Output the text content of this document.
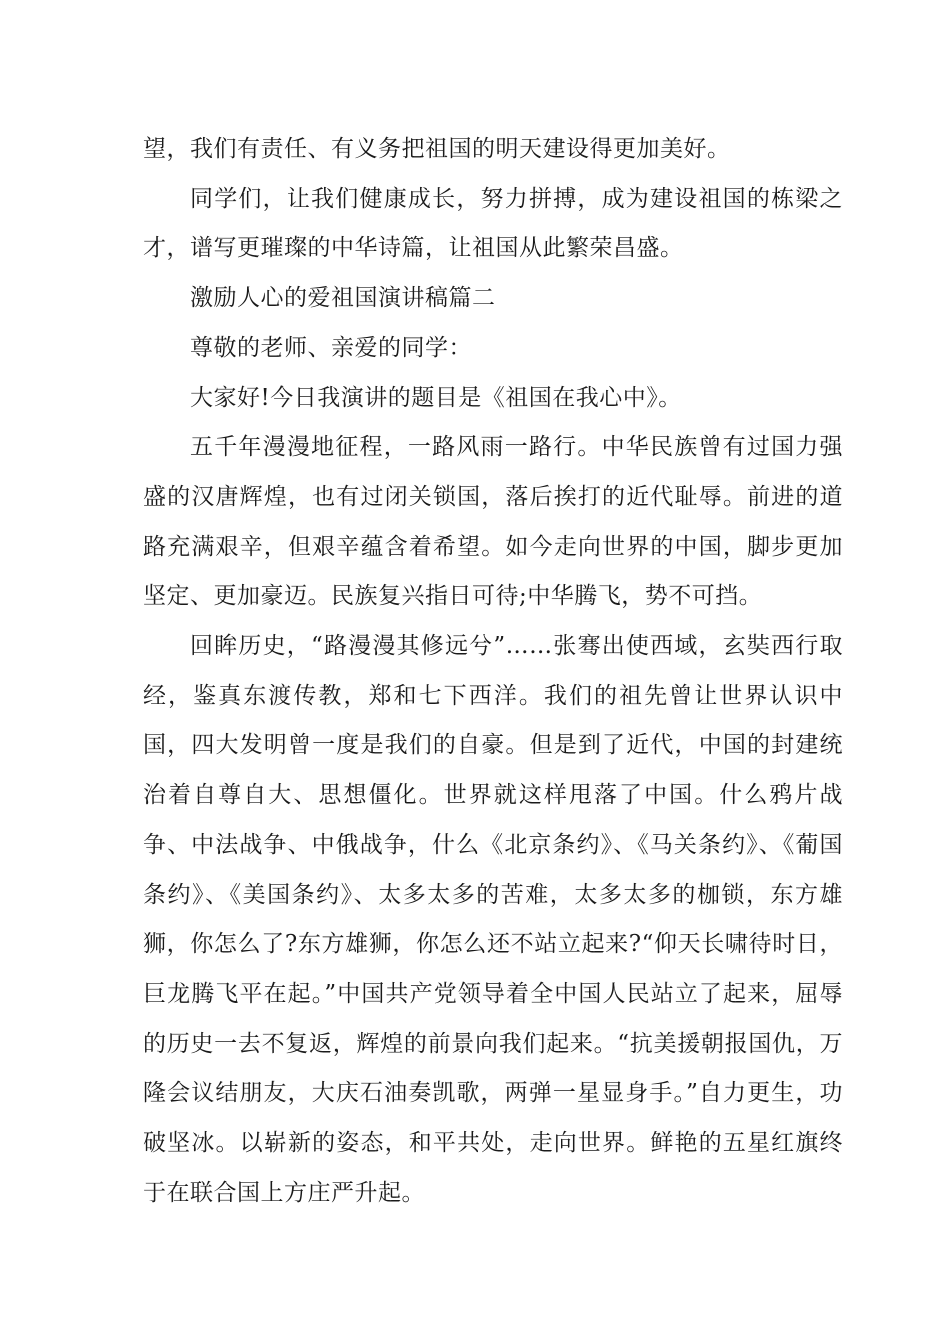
望，我们有责任、有义务把祖国的明天建设得更加美好。

同学们，让我们健康成长，努力拼搏，成为建设祖国的栋梁之才，谱写更璀璨的中华诗篇，让祖国从此繁荣昌盛。

激励人心的爱祖国演讲稿篇二

尊敬的老师、亲爱的同学：

大家好!今日我演讲的题目是《祖国在我心中》。

五千年漫漫地征程，一路风雨一路行。中华民族曾有过国力强盛的汉唐辉煌，也有过闭关锁国，落后挨打的近代耻辱。前进的道路充满艰辛，但艰辛蕴含着希望。如今走向世界的中国，脚步更加坚定、更加豪迈。民族复兴指日可待;中华腾飞，势不可挡。

回眸历史，“路漫漫其修远兮”……张骞出使西域，玄奘西行取经，鉴真东渡传教，郑和七下西洋。我们的祖先曾让世界认识中国，四大发明曾一度是我们的自豪。但是到了近代，中国的封建统治着自尊自大、思想僵化。世界就这样甩落了中国。什么鸦片战争、中法战争、中俄战争，什么《北京条约》、《马关条约》、《葡国条约》、《美国条约》、太多太多的苦难，太多太多的枷锁，东方雄狮，你怎么了?东方雄狮，你怎么还不站立起来?“仰天长啸待时日，巨龙腾飞平在起。”中国共产党领导着全中国人民站立了起来，屈辱的历史一去不复返，辉煌的前景向我们起来。“抗美援朝报国仇，万隆会议结朋友，大庆石油奏凯歌，两弹一星显身手。”自力更生，功破坚冰。以崭新的姿态，和平共处，走向世界。鲜艳的五星红旗终于在联合国上方庄严升起。
